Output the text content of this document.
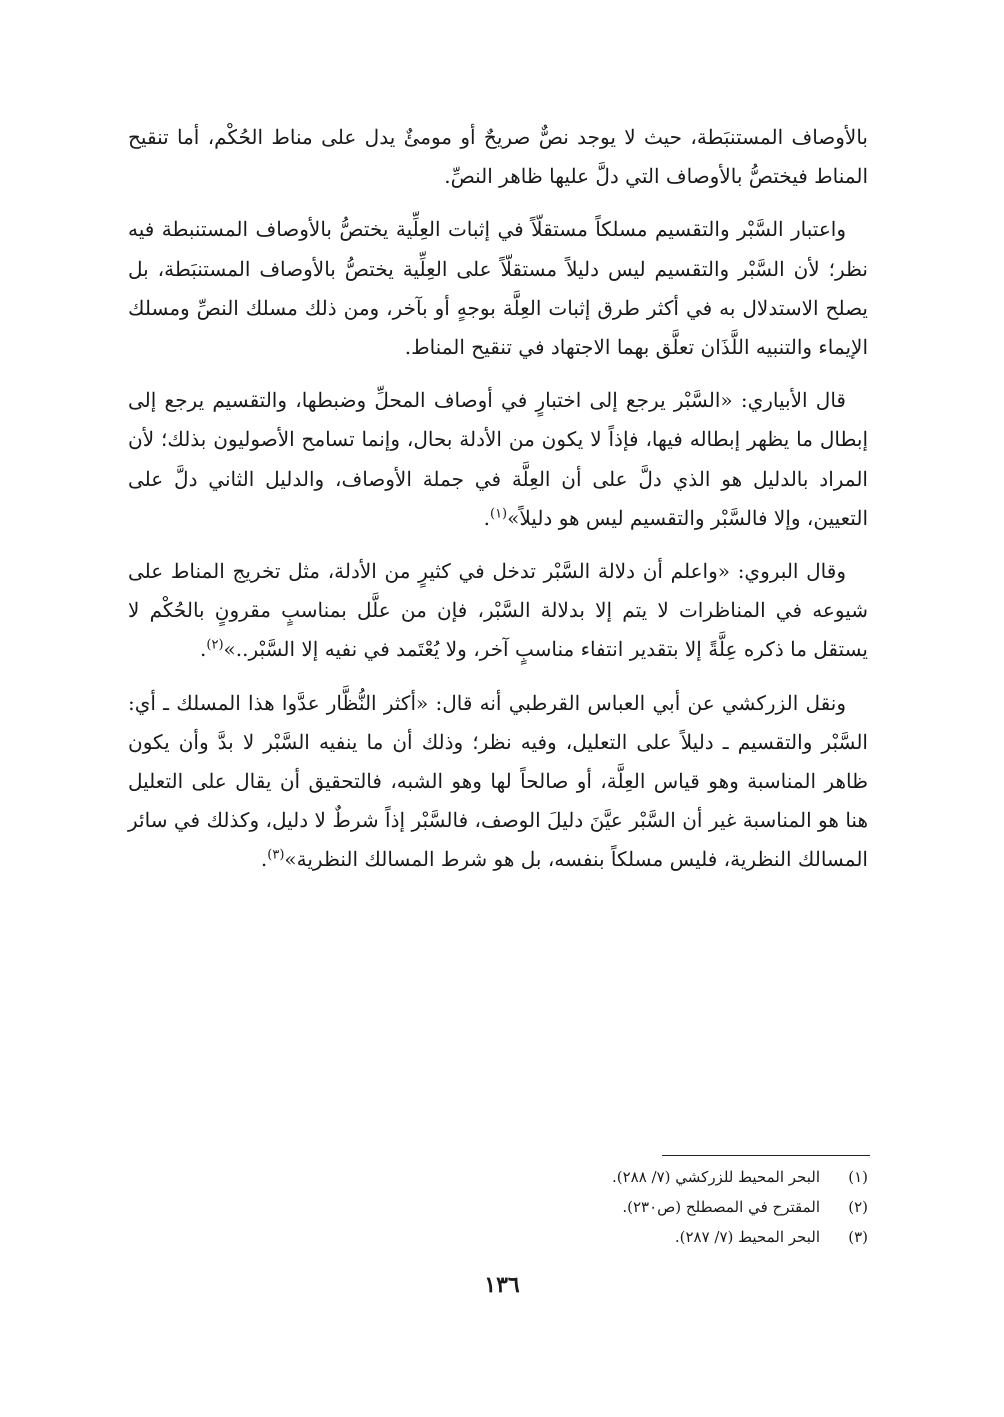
بالأوصاف المستنبَطة، حيث لا يوجد نصٌّ صريحٌ أو مومئٌ يدل على مناط الحُكْم، أما تنقيح المناط فيختصُّ بالأوصاف التي دلَّ عليها ظاهر النصِّ.

واعتبار السَّبْر والتقسيم مسلكاً مستقلّاً في إثبات العِلِّية يختصُّ بالأوصاف المستنبطة فيه نظر؛ لأن السَّبْر والتقسيم ليس دليلاً مستقلّاً على العِلِّية يختصُّ بالأوصاف المستنبَطة، بل يصلح الاستدلال به في أكثر طرق إثبات العِلَّة بوجهٍ أو بآخر، ومن ذلك مسلك النصِّ ومسلك الإيماء والتنبيه اللَّذَان تعلَّق بهما الاجتهاد في تنقيح المناط.

قال الأبياري: «السَّبْر يرجع إلى اختبارٍ في أوصاف المحلِّ وضبطها، والتقسيم يرجع إلى إبطال ما يظهر إبطاله فيها، فإذاً لا يكون من الأدلة بحال، وإنما تسامح الأصوليون بذلك؛ لأن المراد بالدليل هو الذي دلَّ على أن العِلَّة في جملة الأوصاف، والدليل الثاني دلَّ على التعيين، وإلا فالسَّبْر والتقسيم ليس هو دليلاً»$^{(١)}$.

وقال البروي: «واعلم أن دلالة السَّبْر تدخل في كثيرٍ من الأدلة، مثل تخريج المناط على شيوعه في المناظرات لا يتم إلا بدلالة السَّبْر، فإن من علَّل بمناسبٍ مقرونٍ بالحُكْم لا يستقل ما ذكره عِلَّةً إلا بتقدير انتفاء مناسبٍ آخر، ولا يُعْتَمد في نفيه إلا السَّبْر..»$^{(٢)}$.

ونقل الزركشي عن أبي العباس القرطبي أنه قال: «أكثر النُّظَّار عدَّوا هذا المسلك ـ أي: السَّبْر والتقسيم ـ دليلاً على التعليل، وفيه نظر؛ وذلك أن ما ينفيه السَّبْر لا بدَّ وأن يكون ظاهر المناسبة وهو قياس العِلَّة، أو صالحاً لها وهو الشبه، فالتحقيق أن يقال على التعليل هنا هو المناسبة غير أن السَّبْر عيَّنَ دليلَ الوصف، فالسَّبْر إذاً شرطٌ لا دليل، وكذلك في سائر المسالك النظرية، فليس مسلكاً بنفسه، بل هو شرط المسالك النظرية»$^{(٣)}$.

(١)البحر المحيط للزركشي (٧/ ٢٨٨).
(٢)المقترح في المصطلح (ص٢٣٠).
(٣)البحر المحيط (٧/ ٢٨٧).
١٣٦
